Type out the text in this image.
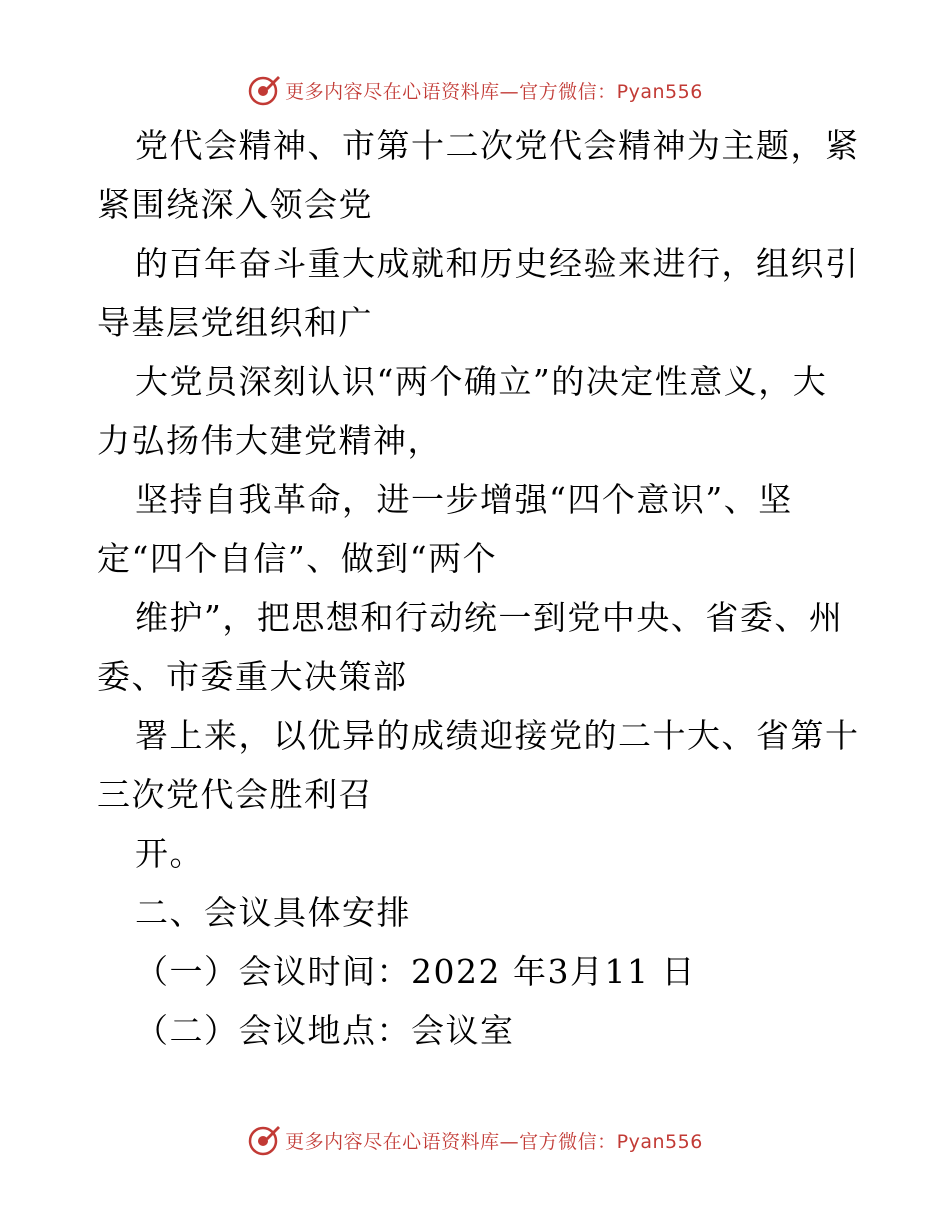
更多内容尽在心语资料库—官方微信：Pyan556
党代会精神、市第十二次党代会精神为主题，紧
紧围绕深入领会党
的百年奋斗重大成就和历史经验来进行，组织引
导基层党组织和广
大党员深刻认识“两个确立”的决定性意义，大
力弘扬伟大建党精神，
坚持自我革命，进一步增强“四个意识”、坚
定“四个自信”、做到“两个
维护”，把思想和行动统一到党中央、省委、州
委、市委重大决策部
署上来，以优异的成绩迎接党的二十大、省第十
三次党代会胜利召
开。
二、会议具体安排
（一）会议时间：2022 年3月11 日
（二）会议地点：会议室
更多内容尽在心语资料库—官方微信：Pyan556
